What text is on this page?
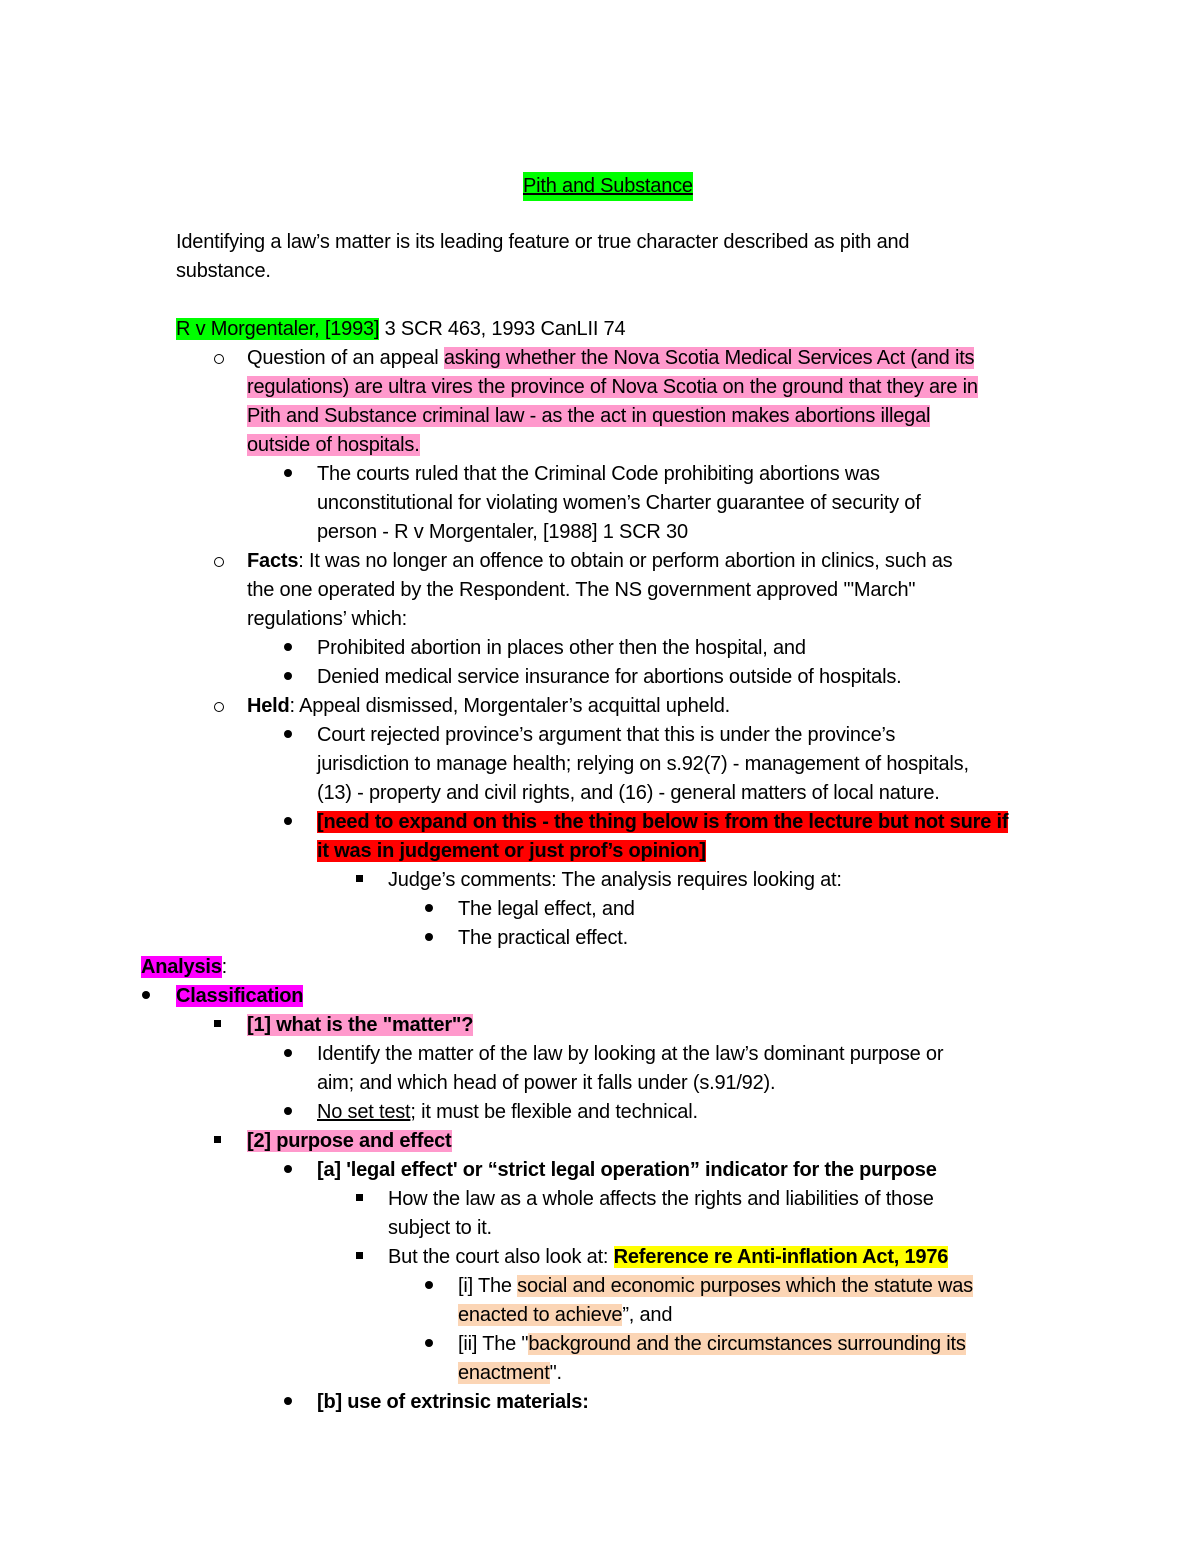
Pith and Substance
Identifying a law’s matter is its leading feature or true character described as pith and
substance.
R v Morgentaler, [1993] 3 SCR 463, 1993 CanLII 74
Question of an appeal asking whether the Nova Scotia Medical Services Act (and its
regulations) are ultra vires the province of Nova Scotia on the ground that they are in
Pith and Substance criminal law - as the act in question makes abortions illegal
outside of hospitals.
The courts ruled that the Criminal Code prohibiting abortions was
unconstitutional for violating women’s Charter guarantee of security of
person - R v Morgentaler, [1988] 1 SCR 30
Facts: It was no longer an offence to obtain or perform abortion in clinics, such as
the one operated by the Respondent. The NS government approved '"March"
regulations’ which:
Prohibited abortion in places other then the hospital, and
Denied medical service insurance for abortions outside of hospitals.
Held: Appeal dismissed, Morgentaler’s acquittal upheld.
Court rejected province’s argument that this is under the province’s
jurisdiction to manage health; relying on s.92(7) - management of hospitals,
(13) - property and civil rights, and (16) - general matters of local nature.
[need to expand on this - the thing below is from the lecture but not sure if
it was in judgement or just prof’s opinion]
Judge’s comments: The analysis requires looking at:
The legal effect, and
The practical effect.
Analysis:
Classification
[1] what is the "matter"?
Identify the matter of the law by looking at the law’s dominant purpose or
aim; and which head of power it falls under (s.91/92).
No set test; it must be flexible and technical.
[2] purpose and effect
[a] 'legal effect' or “strict legal operation” indicator for the purpose
How the law as a whole affects the rights and liabilities of those
subject to it.
But the court also look at: Reference re Anti-inflation Act, 1976
[i] The social and economic purposes which the statute was
enacted to achieve”, and
[ii] The "background and the circumstances surrounding its
enactment".
[b] use of extrinsic materials:
